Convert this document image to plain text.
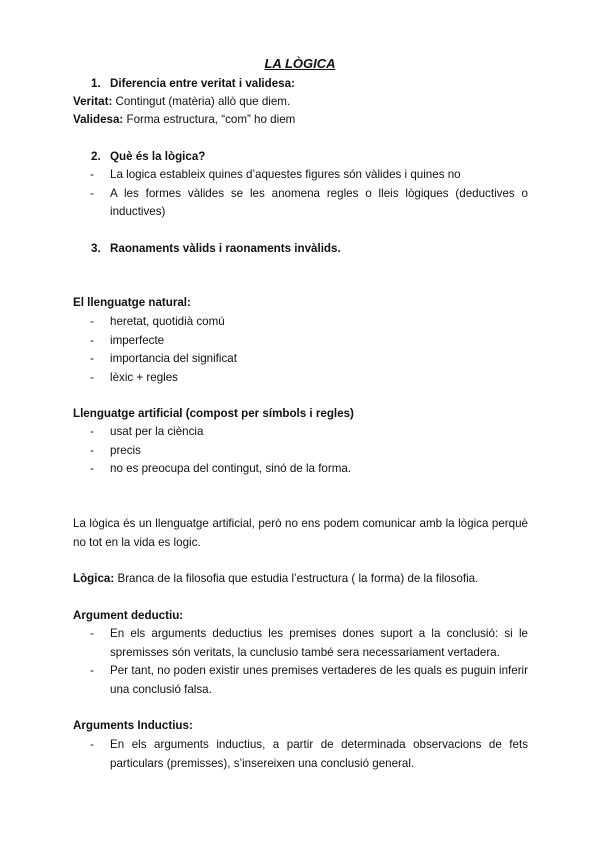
LA LÒGICA
1. Diferencia entre veritat i validesa:
Veritat: Contingut (matèria) allò que diem.
Validesa: Forma estructura, “com” ho diem
2. Què és la lògica?
- La logica estableix quines d’aquestes figures són vàlides i quines no
- A les formes vàlides se les anomena regles o lleis lògiques (deductives o inductives)
3. Raonaments vàlids i raonaments invàlids.
El llenguatge natural:
- heretat, quotidià comú
- imperfecte
- importancia del significat
- lèxic + regles
Llenguatge artificial (compost per símbols i regles)
- usat per la ciència
- precis
- no es preocupa del contingut, sinó de la forma.
La lògica és un llenguatge artificial, però no ens podem comunicar amb la lògica perquè no tot en la vida es logic.
Lògica: Branca de la filosofia que estudia l’estructura ( la forma) de la filosofia.
Argument deductiu:
- En els arguments deductius les premises dones suport a la conclusió: si le spremisses són veritats, la cunclusio també sera necessariament vertadera.
- Per tant, no poden existir unes premises vertaderes de les quals es puguin inferir una conclusió falsa.
Arguments Inductius:
- En els arguments inductius, a partir de determinada observacions de fets particulars (premisses), s’insereixen una conclusió general.
